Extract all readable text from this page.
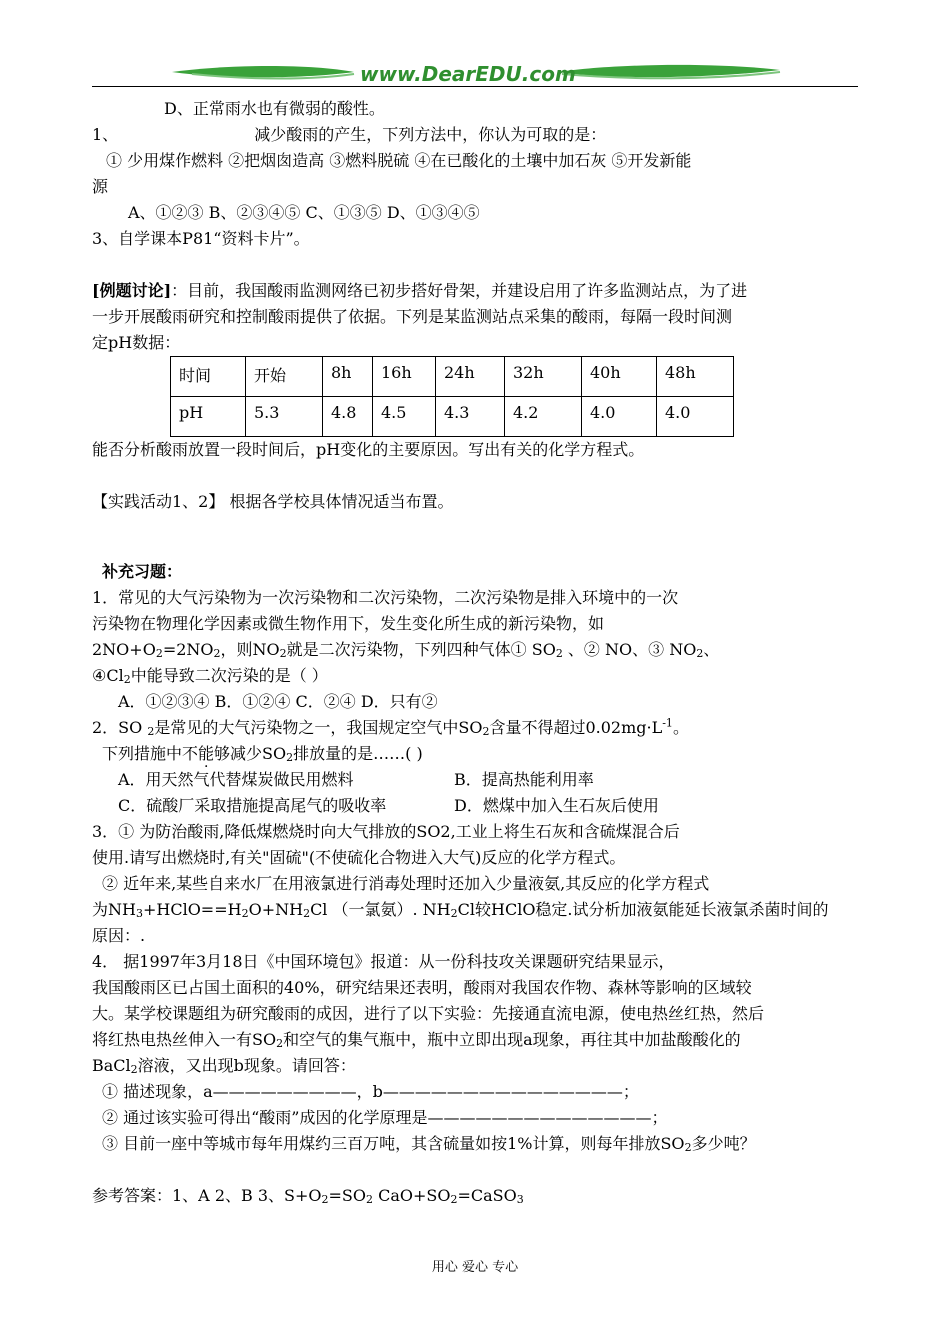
www.DearEDU.com
D、正常雨水也有微弱的酸性。
1、	减少酸雨的产生，下列方法中，你认为可取的是：
① 少用煤作燃料 ②把烟囱造高 ③燃料脱硫 ④在已酸化的土壤中加石灰 ⑤开发新能
源
A、①②③ B、②③④⑤ C、①③⑤ D、①③④⑤
3、自学课本P81“资料卡片”。
[例题讨论]：目前，我国酸雨监测网络已初步搭好骨架，并建设启用了许多监测站点，为了进
一步开展酸雨研究和控制酸雨提供了依据。下列是某监测站点采集的酸雨，每隔一段时间测
定pH数据：
时间	开始	8h	16h	24h	32h	40h	48h
pH	5.3	4.8	4.5	4.3	4.2	4.0	4.0
能否分析酸雨放置一段时间后，pH变化的主要原因。写出有关的化学方程式。
【实践活动1、2】 根据各学校具体情况适当布置。
补充习题：
1．常见的大气污染物为一次污染物和二次污染物，二次污染物是排入环境中的一次
污染物在物理化学因素或微生物作用下，发生变化所生成的新污染物，如
$2NO+O_2=2NO_2$，则$NO_2$就是二次污染物，下列四种气体① $SO_2$ 、② NO、③ $NO_2$、
$④Cl_2$中能导致二次污染的是（ ）
A．①②③④ B．①②④ C．②④ D．只有②
2．SO $_2$是常见的大气污染物之一，我国规定空气中$SO_2$含量不得超过$0.02mg\cdot L^{-1}$。
下列措施中不能够减少$SO_2$排放量的是……( )
A．用天然气代替煤炭做民用燃料	B．提高热能利用率
C．硫酸厂采取措施提高尾气的吸收率	D．燃煤中加入生石灰后使用
3．① 为防治酸雨,降低煤燃烧时向大气排放的SO2,工业上将生石灰和含硫煤混合后
使用.请写出燃烧时,有关"固硫"(不使硫化合物进入大气)反应的化学方程式。
② 近年来,某些自来水厂在用液氯进行消毒处理时还加入少量液氨,其反应的化学方程式
为$NH_3+HClO==H_2O+NH_2Cl$ （一氯氨）. $NH_2Cl$较HClO稳定.试分析加液氨能延长液氯杀菌时间的
原因：.
4． 据1997年3月18日《中国环境包》报道：从一份科技攻关课题研究结果显示，
我国酸雨区已占国土面积的40%，研究结果还表明，酸雨对我国农作物、森林等影响的区域较
大。某学校课题组为研究酸雨的成因，进行了以下实验：先接通直流电源，使电热丝红热，然后
将红热电热丝伸入一有$SO_2$和空气的集气瓶中，瓶中立即出现a现象，再往其中加盐酸酸化的
BaCl$_2$溶液，又出现b现象。请回答：
① 描述现象，a—————————，b———————————————；
② 通过该实验可得出“酸雨”成因的化学原理是——————————————；
③ 目前一座中等城市每年用煤约三百万吨，其含硫量如按1%计算，则每年排放$SO_2$多少吨？
参考答案：1、A 2、B 3、$S+O_2=SO_2$ $CaO+SO_2=CaSO_3$
用心 爱心 专心
